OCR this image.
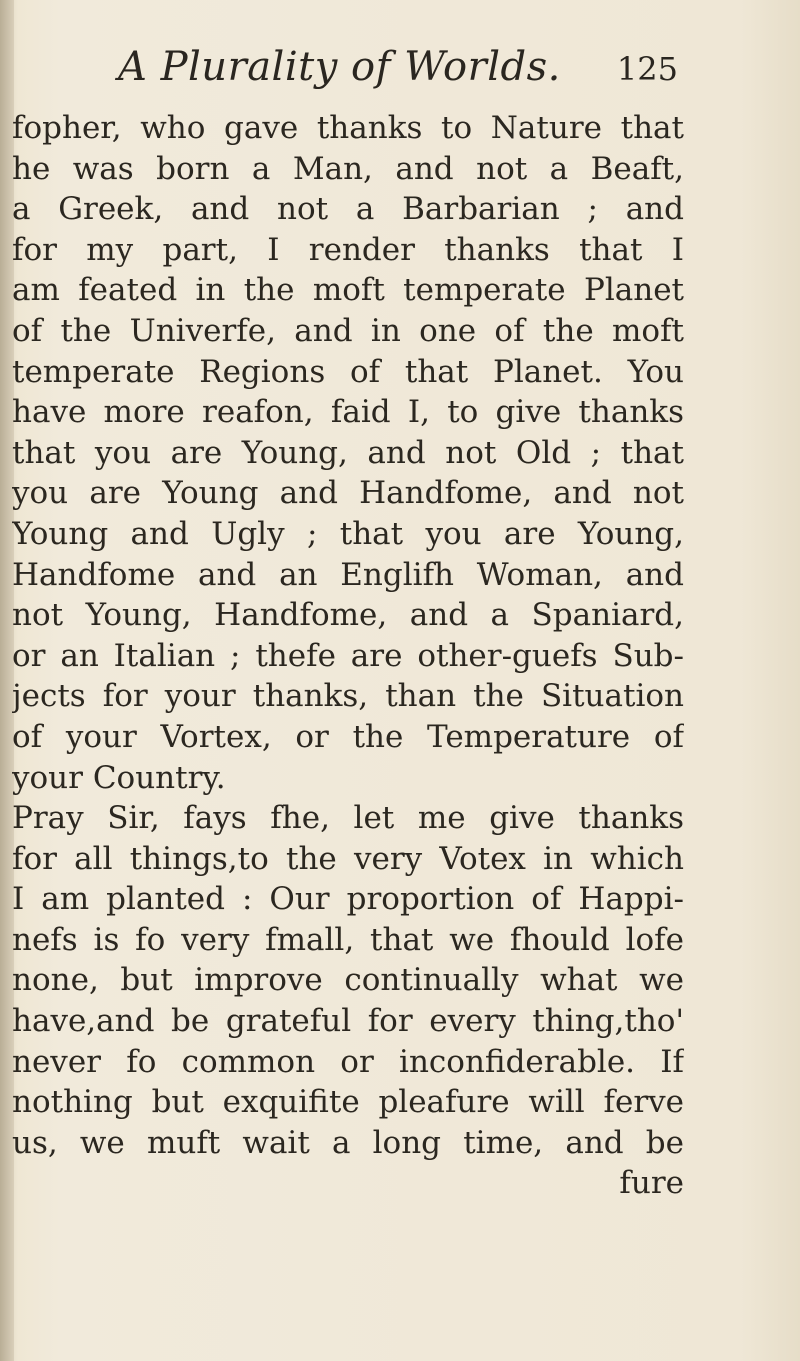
A Plurality of Worlds. 125
fopher, who gave thanks to Nature that
he was born a Man, and not a Beaft,
a Greek, and not a Barbarian ; and
for my part, I render thanks that I
am feated in the moft temperate Planet
of the Univerfe, and in one of the moft
temperate Regions of that Planet. You
have more reafon, faid I, to give thanks
that you are Young, and not Old ; that
you are Young and Handfome, and not
Young and Ugly ; that you are Young,
Handfome and an Englifh Woman, and
not Young, Handfome, and a Spaniard,
or an Italian ; thefe are other-guefs Sub-
jects for your thanks, than the Situation
of your Vortex, or the Temperature of
your Country.
Pray Sir, fays fhe, let me give thanks
for all things,to the very Votex in which
I am planted : Our proportion of Happi-
nefs is fo very fmall, that we fhould lofe
none, but improve continually what we
have,and be grateful for every thing,tho'
never fo common or inconfiderable. If
nothing but exquifite pleafure will ferve
us, we muft wait a long time, and be
fure
